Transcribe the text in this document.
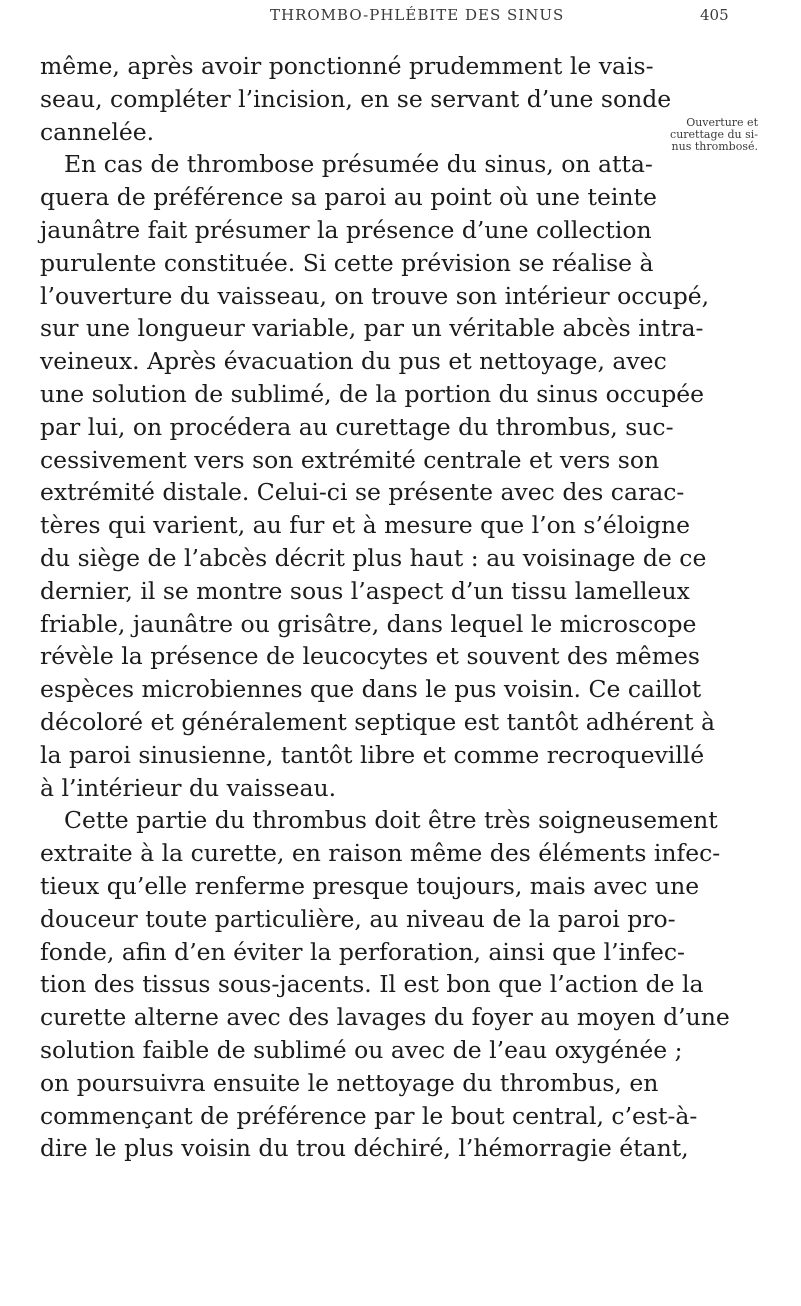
THROMBO-PHLÉBITE DES SINUS	405
Ouverture et
curettage du si-
nus thrombosé.
même, après avoir ponctionné prudemment le vais-
seau, compléter l’incision, en se servant d’une sonde
cannelée.
En cas de thrombose présumée du sinus, on atta-
quera de préférence sa paroi au point où une teinte
jaunâtre fait présumer la présence d’une collection
purulente constituée. Si cette prévision se réalise à
l’ouverture du vaisseau, on trouve son intérieur occupé,
sur une longueur variable, par un véritable abcès intra-
veineux. Après évacuation du pus et nettoyage, avec
une solution de sublimé, de la portion du sinus occupée
par lui, on procédera au curettage du thrombus, suc-
cessivement vers son extrémité centrale et vers son
extrémité distale. Celui-ci se présente avec des carac-
tères qui varient, au fur et à mesure que l’on s’éloigne
du siège de l’abcès décrit plus haut : au voisinage de ce
dernier, il se montre sous l’aspect d’un tissu lamelleux
friable, jaunâtre ou grisâtre, dans lequel le microscope
révèle la présence de leucocytes et souvent des mêmes
espèces microbiennes que dans le pus voisin. Ce caillot
décoloré et généralement septique est tantôt adhérent à
la paroi sinusienne, tantôt libre et comme recroquevillé
à l’intérieur du vaisseau.
Cette partie du thrombus doit être très soigneusement
extraite à la curette, en raison même des éléments infec-
tieux qu’elle renferme presque toujours, mais avec une
douceur toute particulière, au niveau de la paroi pro-
fonde, afin d’en éviter la perforation, ainsi que l’infec-
tion des tissus sous-jacents. Il est bon que l’action de la
curette alterne avec des lavages du foyer au moyen d’une
solution faible de sublimé ou avec de l’eau oxygénée ;
on poursuivra ensuite le nettoyage du thrombus, en
commençant de préférence par le bout central, c’est-à-
dire le plus voisin du trou déchiré, l’hémorragie étant,
